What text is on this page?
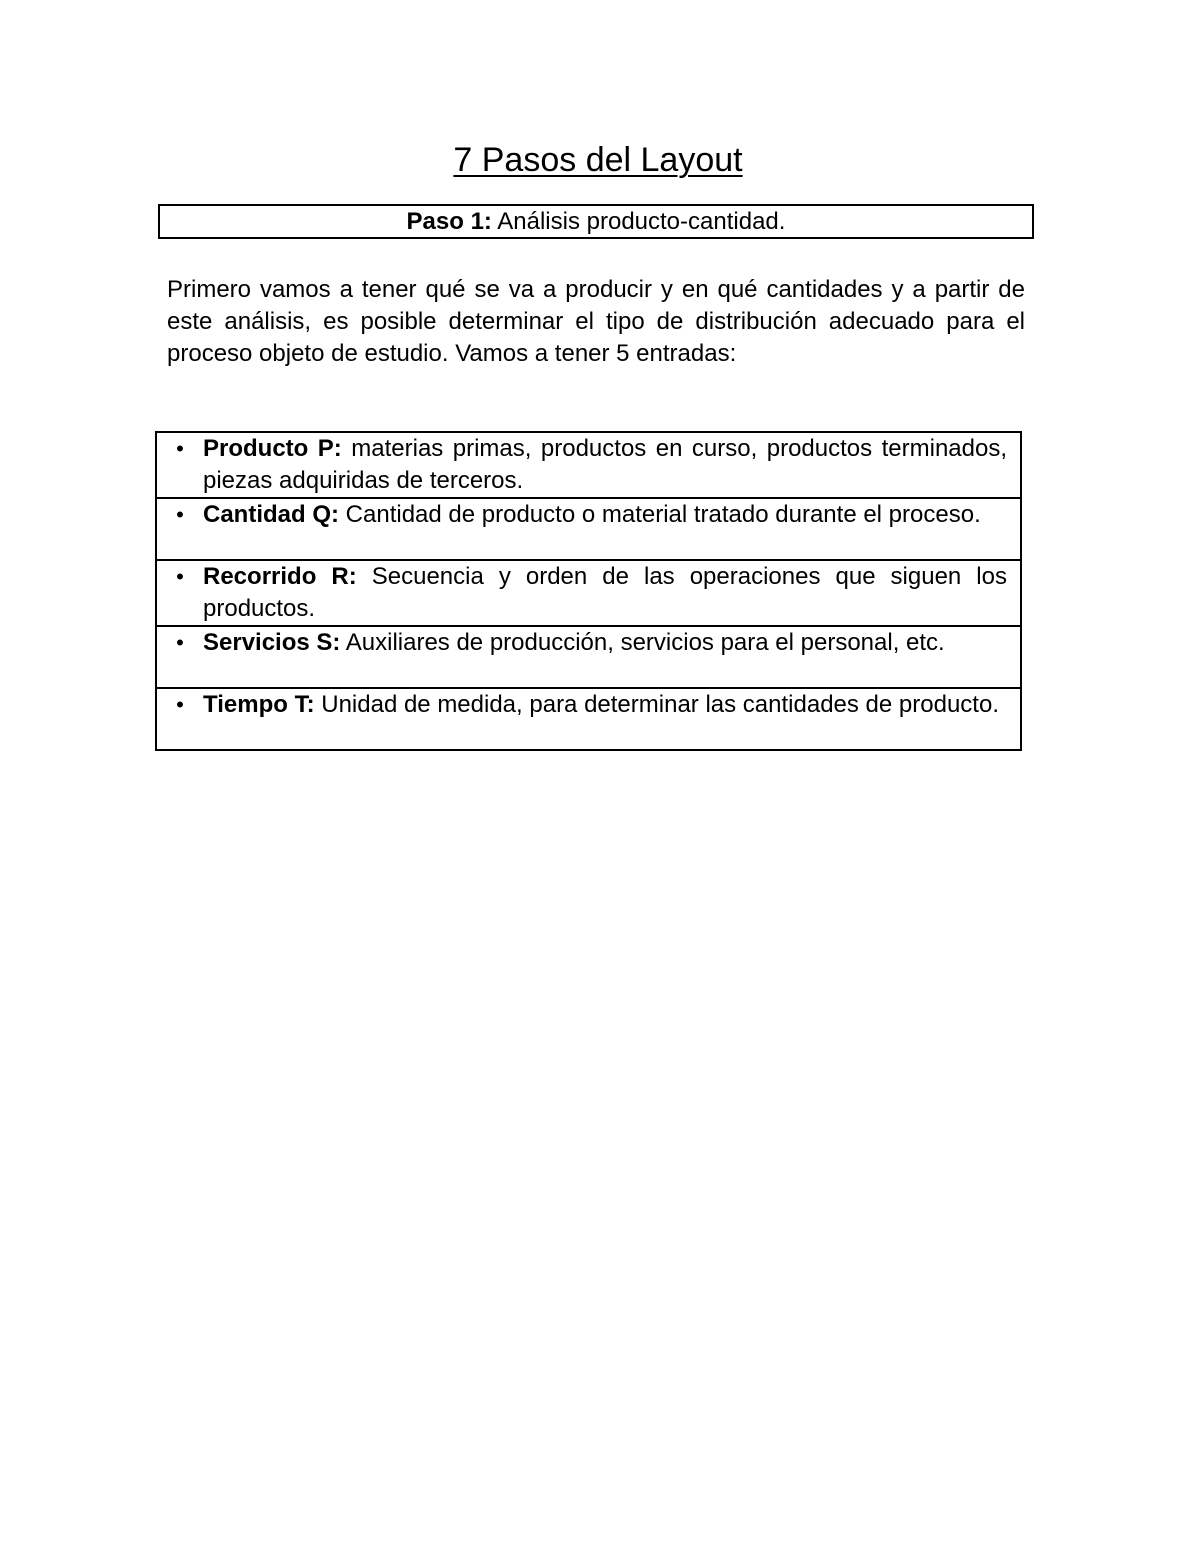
7 Pasos del Layout
Paso 1: Análisis producto-cantidad.
Primero vamos a tener qué se va a producir y en qué cantidades y a partir de este análisis, es posible determinar el tipo de distribución adecuado para el proceso objeto de estudio. Vamos a tener 5 entradas:
• Producto P: materias primas, productos en curso, productos terminados, piezas adquiridas de terceros.

• Cantidad Q: Cantidad de producto o material tratado durante el proceso.

• Recorrido R: Secuencia y orden de las operaciones que siguen los productos.

• Servicios S: Auxiliares de producción, servicios para el personal, etc.

• Tiempo T: Unidad de medida, para determinar las cantidades de producto.
